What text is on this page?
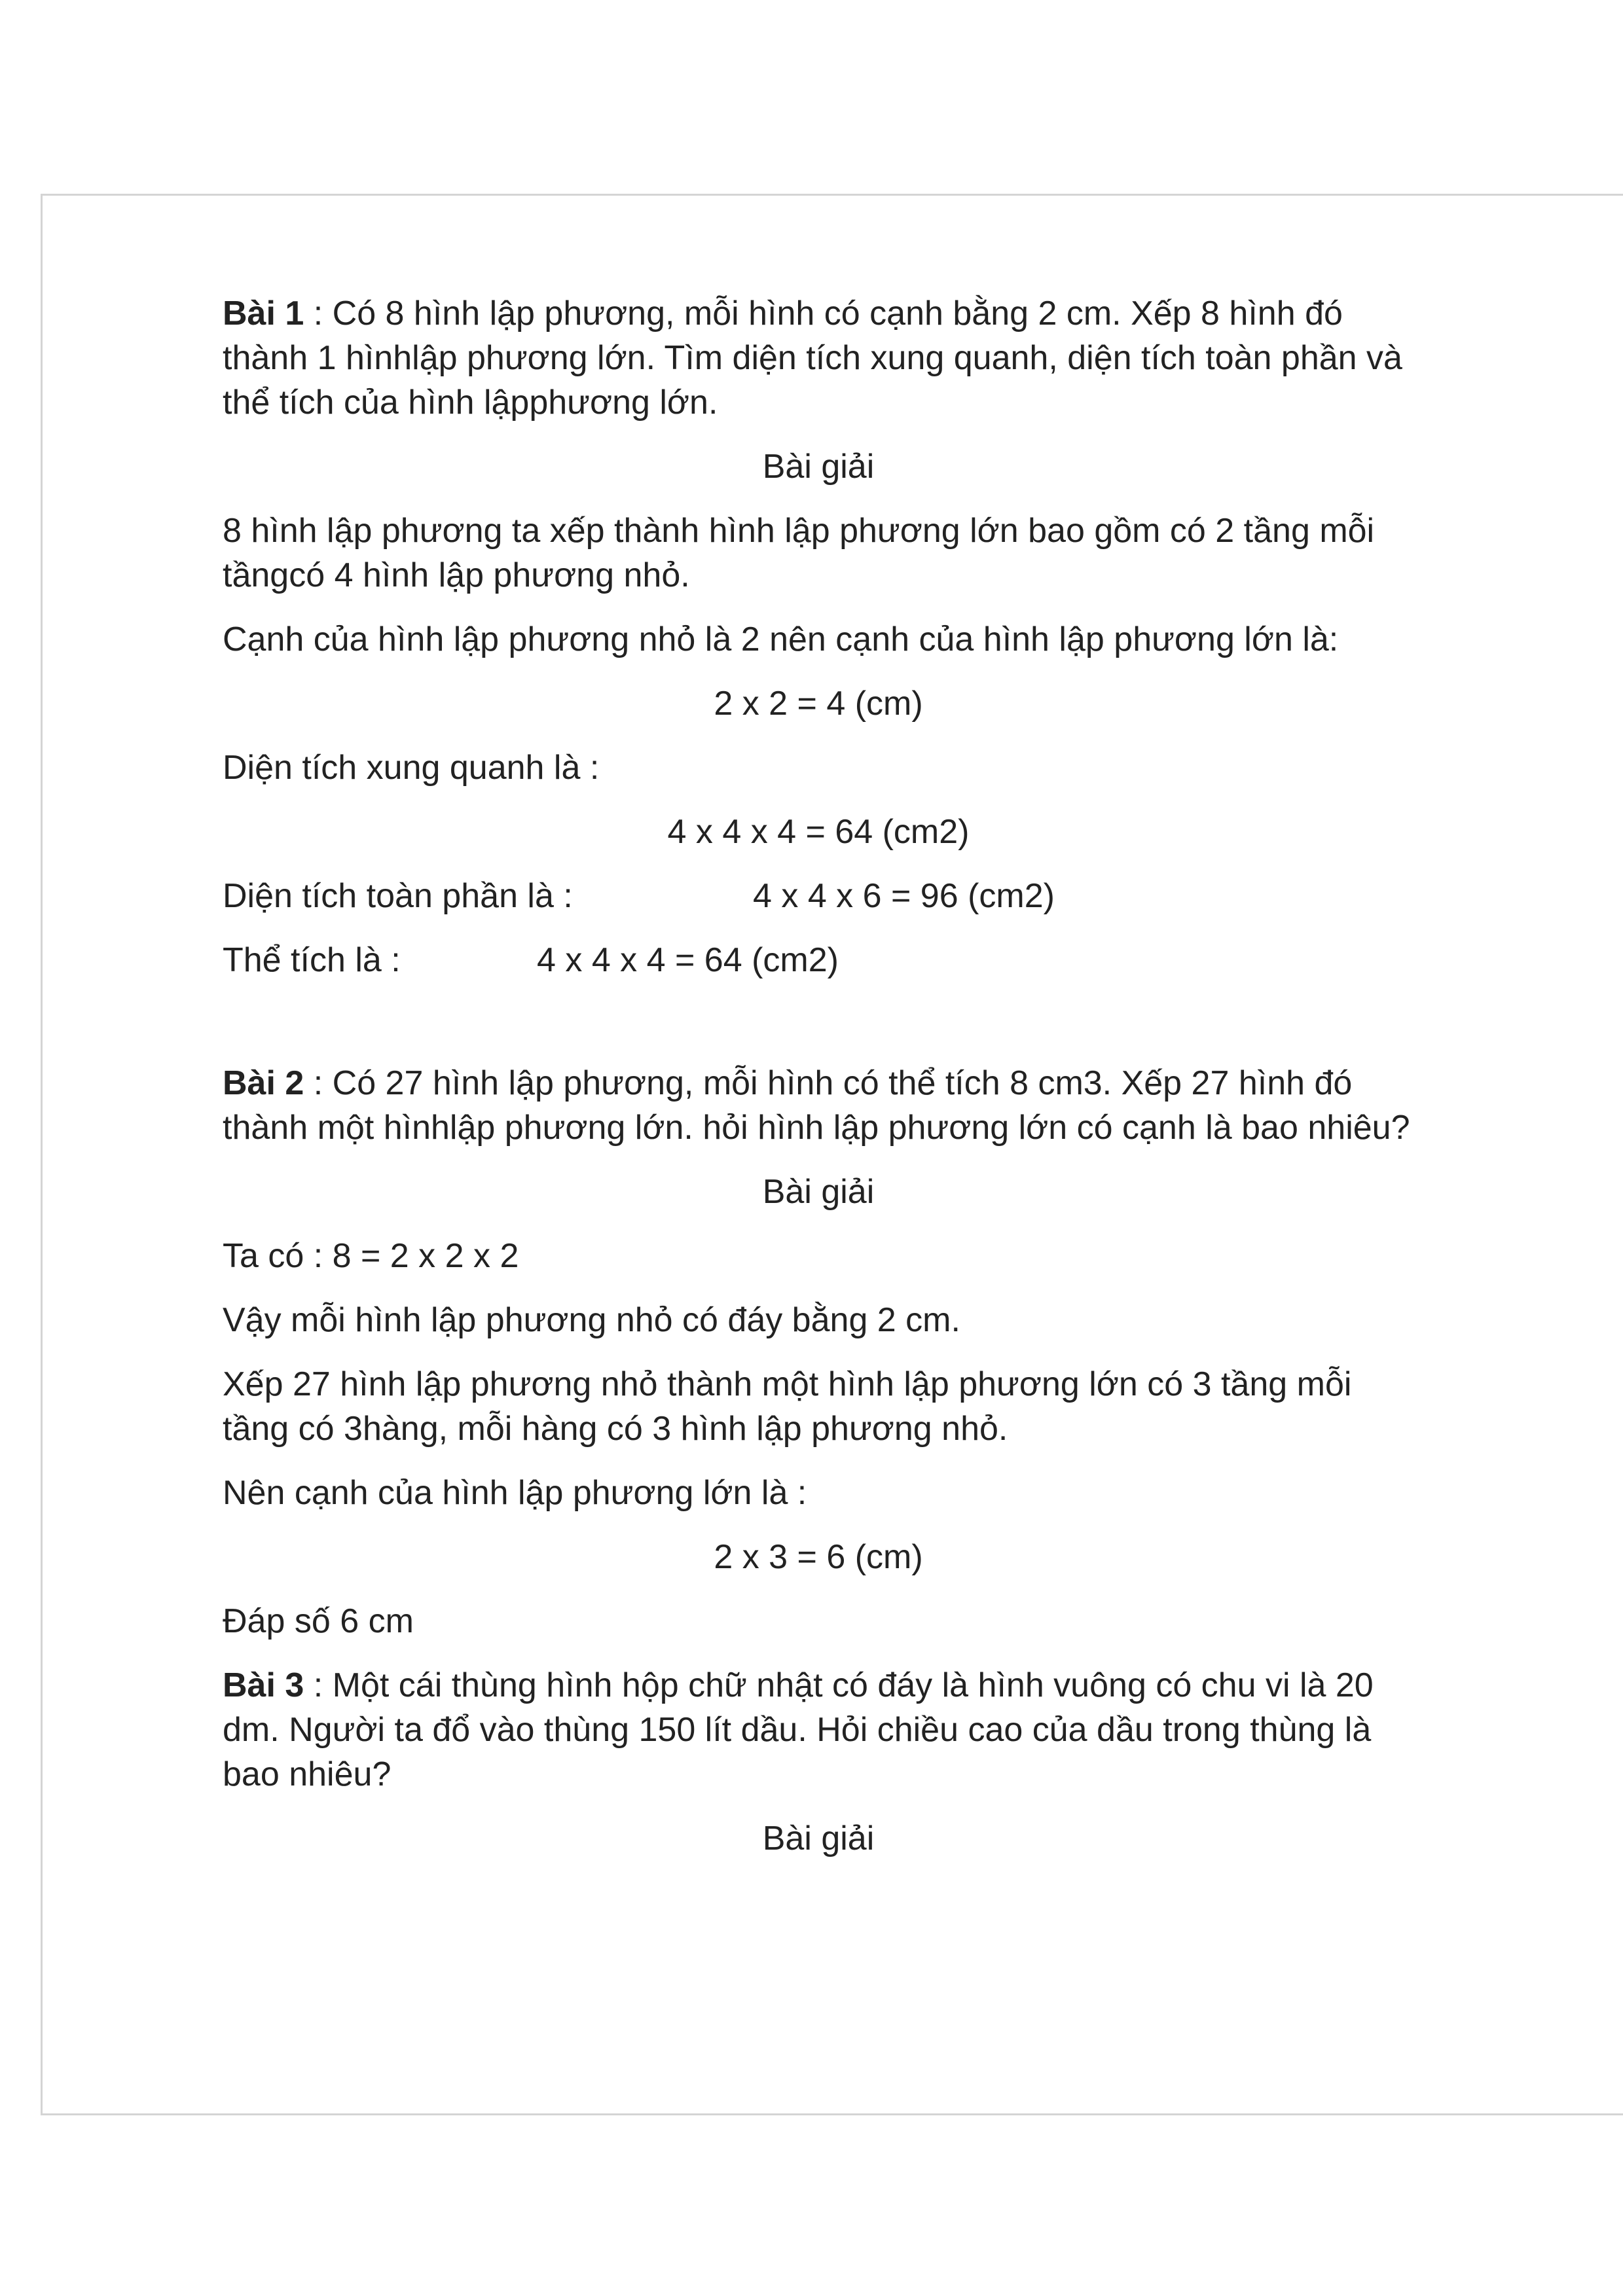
Bài 1 : Có 8 hình lập phương, mỗi hình có cạnh bằng 2 cm. Xếp 8 hình đó thành 1 hìnhlập phương lớn. Tìm diện tích xung quanh, diện tích toàn phần và thể tích của hình lậpphương lớn.
Bài giải
8 hình lập phương ta xếp thành hình lập phương lớn bao gồm có 2 tầng mỗi tầngcó 4 hình lập phương nhỏ.
Cạnh của hình lập phương nhỏ là 2 nên cạnh của hình lập phương lớn là:
2 x 2 = 4 (cm)
Diện tích xung quanh là :
4 x 4 x 4 = 64 (cm2)
Diện tích toàn phần là :	4 x 4 x 6 = 96 (cm2)
Thể tích là :	4 x 4 x 4 = 64 (cm2)
Bài 2 : Có 27 hình lập phương, mỗi hình có thể tích 8 cm3. Xếp 27 hình đó thành một hìnhlập phương lớn. hỏi hình lập phương lớn có cạnh là bao nhiêu?
Bài giải
Ta có : 8 = 2 x 2 x 2
Vậy mỗi hình lập phương nhỏ có đáy bằng 2 cm.
Xếp 27 hình lập phương nhỏ thành một hình lập phương lớn có 3 tầng mỗi tầng có 3hàng, mỗi hàng có 3 hình lập phương nhỏ.
Nên cạnh của hình lập phương lớn là :
2 x 3 = 6 (cm)
Đáp số 6 cm
Bài 3 : Một cái thùng hình hộp chữ nhật có đáy là hình vuông có chu vi là 20 dm. Người ta đổ vào thùng 150 lít dầu. Hỏi chiều cao của dầu trong thùng là bao nhiêu?
Bài giải
